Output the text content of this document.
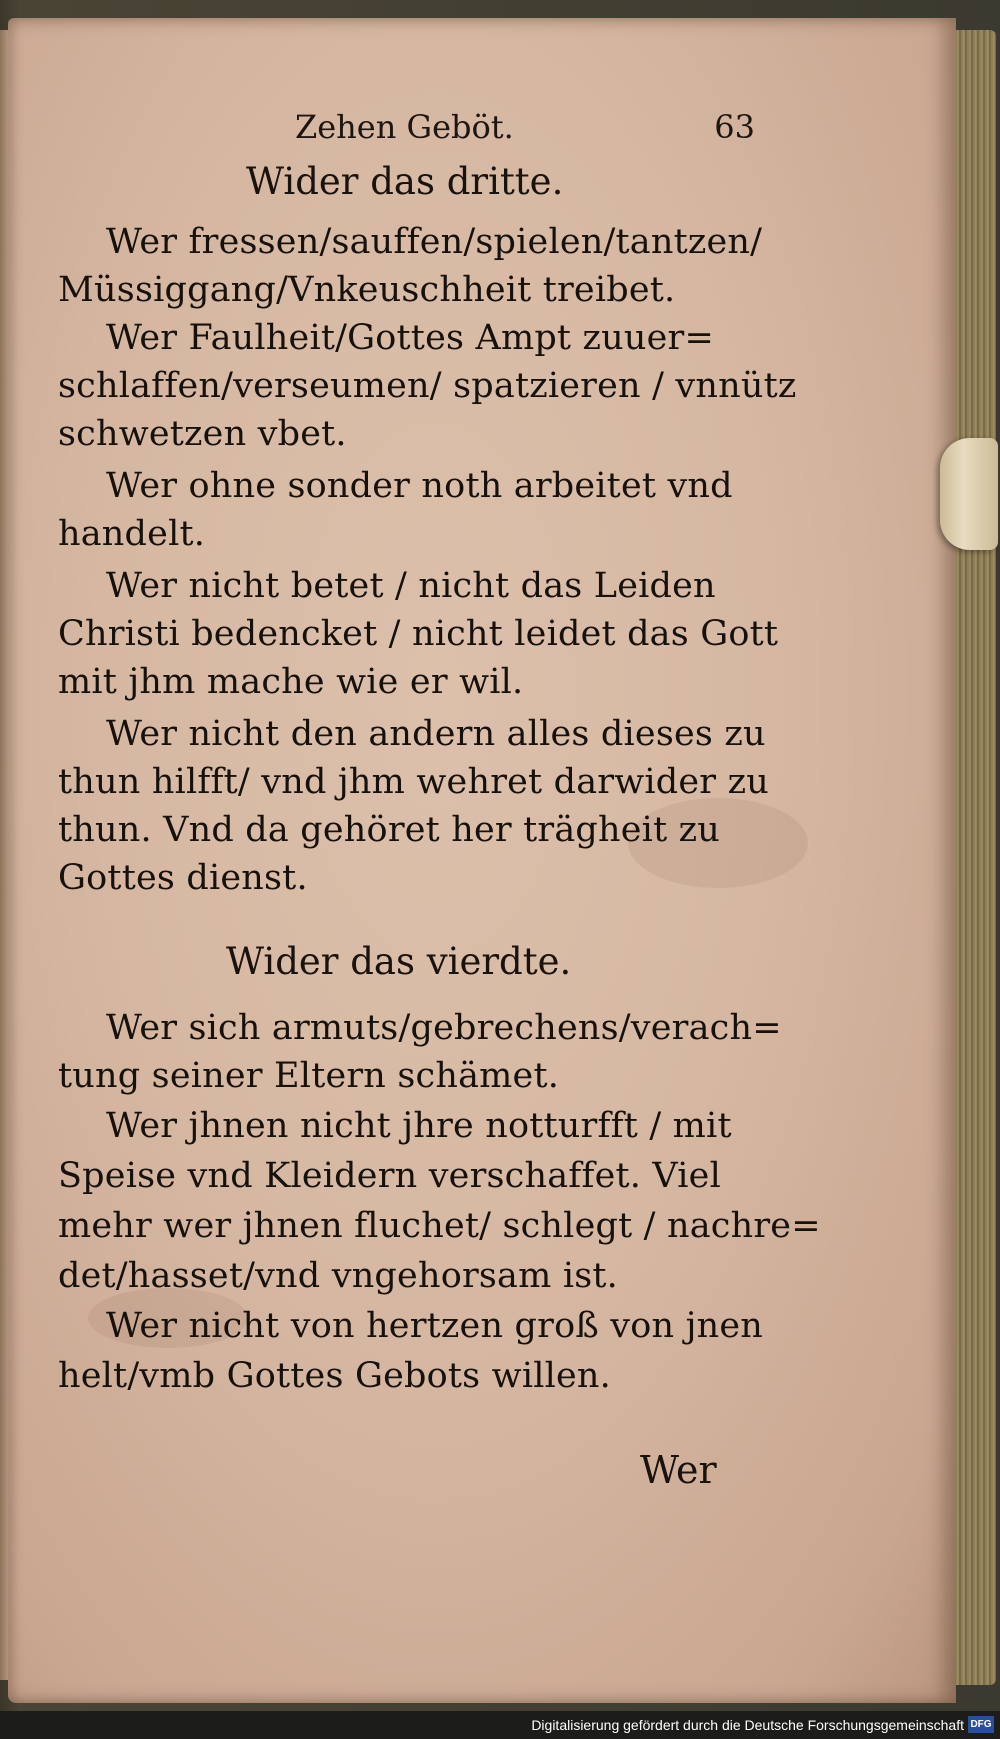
Zehen Geböt.	63
Wider das dritte.
Wer fressen/sauffen/spielen/tantzen/
Müssiggang/Vnkeuschheit treibet.
Wer Faulheit/Gottes Ampt zuuer=
schlaffen/verseumen/ spatzieren / vnnütz
schwetzen vbet.
Wer ohne sonder noth arbeitet vnd
handelt.
Wer nicht betet / nicht das Leiden
Christi bedencket / nicht leidet das Gott
mit jhm mache wie er wil.
Wer nicht den andern alles dieses zu
thun hilfft/ vnd jhm wehret darwider zu
thun. Vnd da gehöret her trägheit zu
Gottes dienst.
Wider das vierdte.
Wer sich armuts/gebrechens/verach=
tung seiner Eltern schämet.
Wer jhnen nicht jhre notturfft / mit
Speise vnd Kleidern verschaffet. Viel
mehr wer jhnen fluchet/ schlegt / nachre=
det/hasset/vnd vngehorsam ist.
Wer nicht von hertzen groß von jnen
helt/vmb Gottes Gebots willen.
Wer
Digitalisierung gefördert durch die Deutsche Forschungsgemeinschaft DFG
